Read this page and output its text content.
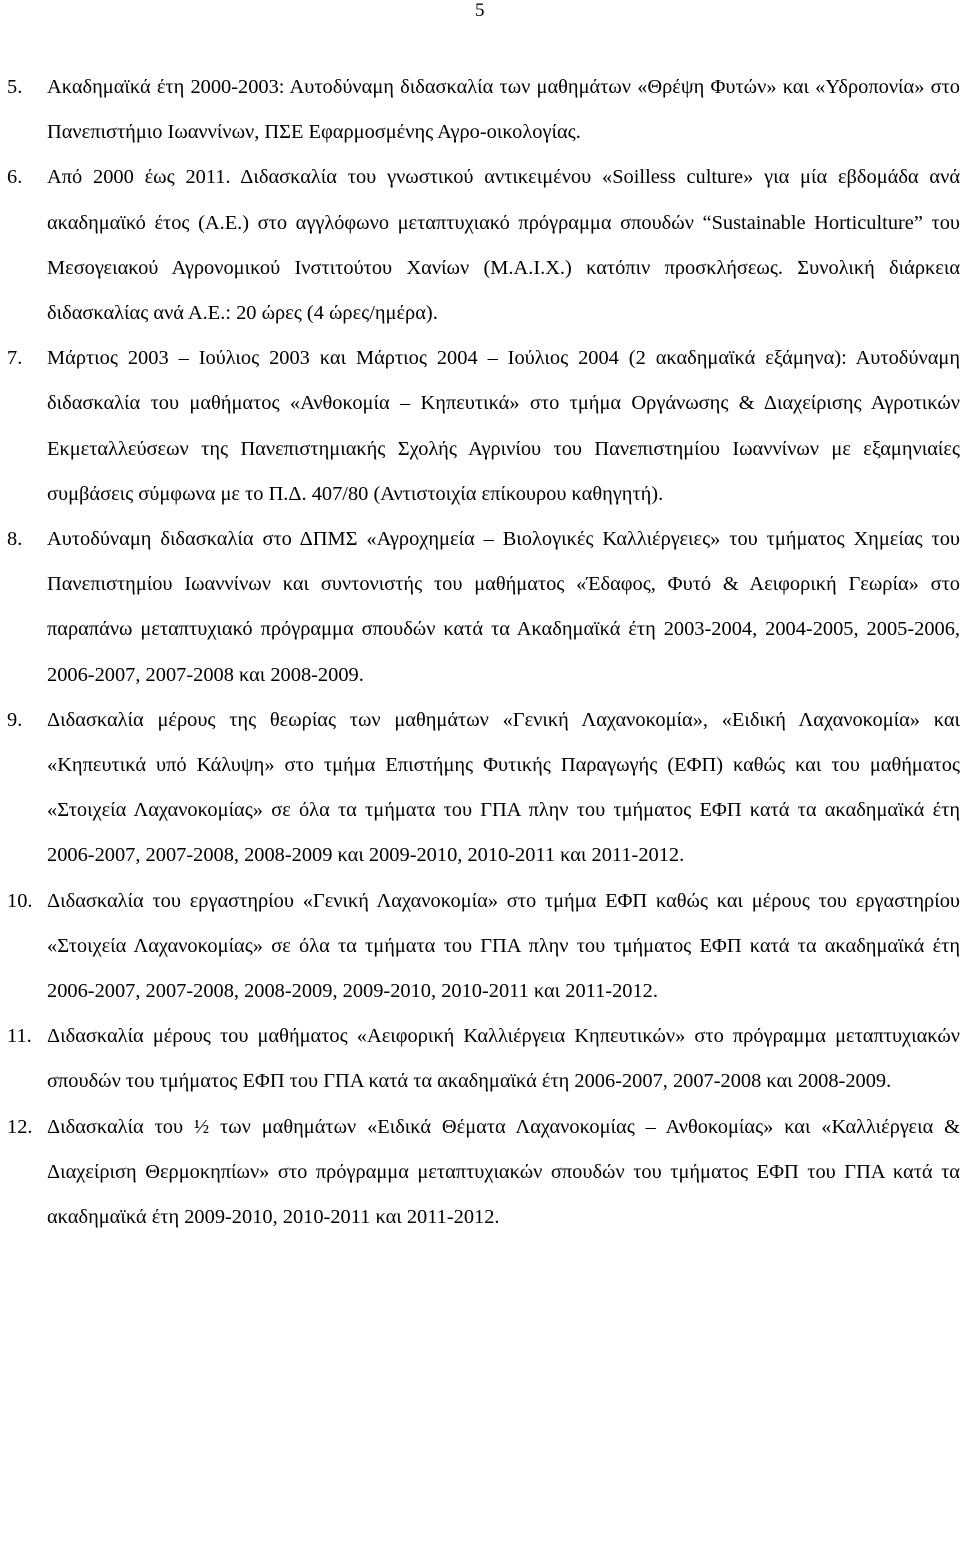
5
5. Ακαδημαϊκά έτη 2000-2003: Αυτοδύναμη διδασκαλία των μαθημάτων «Θρέψη Φυτών» και «Υδροπονία» στο Πανεπιστήμιο Ιωαννίνων, ΠΣΕ Εφαρμοσμένης Αγρο-οικολογίας.
6. Από 2000 έως 2011. Διδασκαλία του γνωστικού αντικειμένου «Soilless culture» για μία εβδομάδα ανά ακαδημαϊκό έτος (Α.Ε.) στο αγγλόφωνο μεταπτυχιακό πρόγραμμα σπουδών “Sustainable Horticulture” του Μεσογειακού Αγρονομικού Ινστιτούτου Χανίων (Μ.Α.Ι.Χ.) κατόπιν προσκλήσεως. Συνολική διάρκεια διδασκαλίας ανά Α.Ε.: 20 ώρες (4 ώρες/ημέρα).
7. Μάρτιος 2003 – Ιούλιος 2003 και Μάρτιος 2004 – Ιούλιος 2004 (2 ακαδημαϊκά εξάμηνα): Αυτοδύναμη διδασκαλία του μαθήματος «Ανθοκομία – Κηπευτικά» στο τμήμα Οργάνωσης & Διαχείρισης Αγροτικών Εκμεταλλεύσεων της Πανεπιστημιακής Σχολής Αγρινίου του Πανεπιστημίου Ιωαννίνων με εξαμηνιαίες συμβάσεις σύμφωνα με το Π.Δ. 407/80 (Αντιστοιχία επίκουρου καθηγητή).
8. Αυτοδύναμη διδασκαλία στο ΔΠΜΣ «Αγροχημεία – Βιολογικές Καλλιέργειες» του τμήματος Χημείας του Πανεπιστημίου Ιωαννίνων και συντονιστής του μαθήματος «Έδαφος, Φυτό & Αειφορική Γεωρία» στο παραπάνω μεταπτυχιακό πρόγραμμα σπουδών κατά τα Ακαδημαϊκά έτη 2003-2004, 2004-2005, 2005-2006, 2006-2007, 2007-2008 και 2008-2009.
9. Διδασκαλία μέρους της θεωρίας των μαθημάτων «Γενική Λαχανοκομία», «Ειδική Λαχανοκομία» και «Κηπευτικά υπό Κάλυψη» στο τμήμα Επιστήμης Φυτικής Παραγωγής (ΕΦΠ) καθώς και του μαθήματος «Στοιχεία Λαχανοκομίας» σε όλα τα τμήματα του ΓΠΑ πλην του τμήματος ΕΦΠ κατά τα ακαδημαϊκά έτη 2006-2007, 2007-2008, 2008-2009 και 2009-2010, 2010-2011 και 2011-2012.
10. Διδασκαλία του εργαστηρίου «Γενική Λαχανοκομία» στο τμήμα ΕΦΠ καθώς και μέρους του εργαστηρίου «Στοιχεία Λαχανοκομίας» σε όλα τα τμήματα του ΓΠΑ πλην του τμήματος ΕΦΠ κατά τα ακαδημαϊκά έτη 2006-2007, 2007-2008, 2008-2009, 2009-2010, 2010-2011 και 2011-2012.
11. Διδασκαλία μέρους του μαθήματος «Αειφορική Καλλιέργεια Κηπευτικών» στο πρόγραμμα μεταπτυχιακών σπουδών του τμήματος ΕΦΠ του ΓΠΑ κατά τα ακαδημαϊκά έτη 2006-2007, 2007-2008 και 2008-2009.
12. Διδασκαλία του ½ των μαθημάτων «Ειδικά Θέματα Λαχανοκομίας – Ανθοκομίας» και «Καλλιέργεια & Διαχείριση Θερμοκηπίων» στο πρόγραμμα μεταπτυχιακών σπουδών του τμήματος ΕΦΠ του ΓΠΑ κατά τα ακαδημαϊκά έτη 2009-2010, 2010-2011 και 2011-2012.
